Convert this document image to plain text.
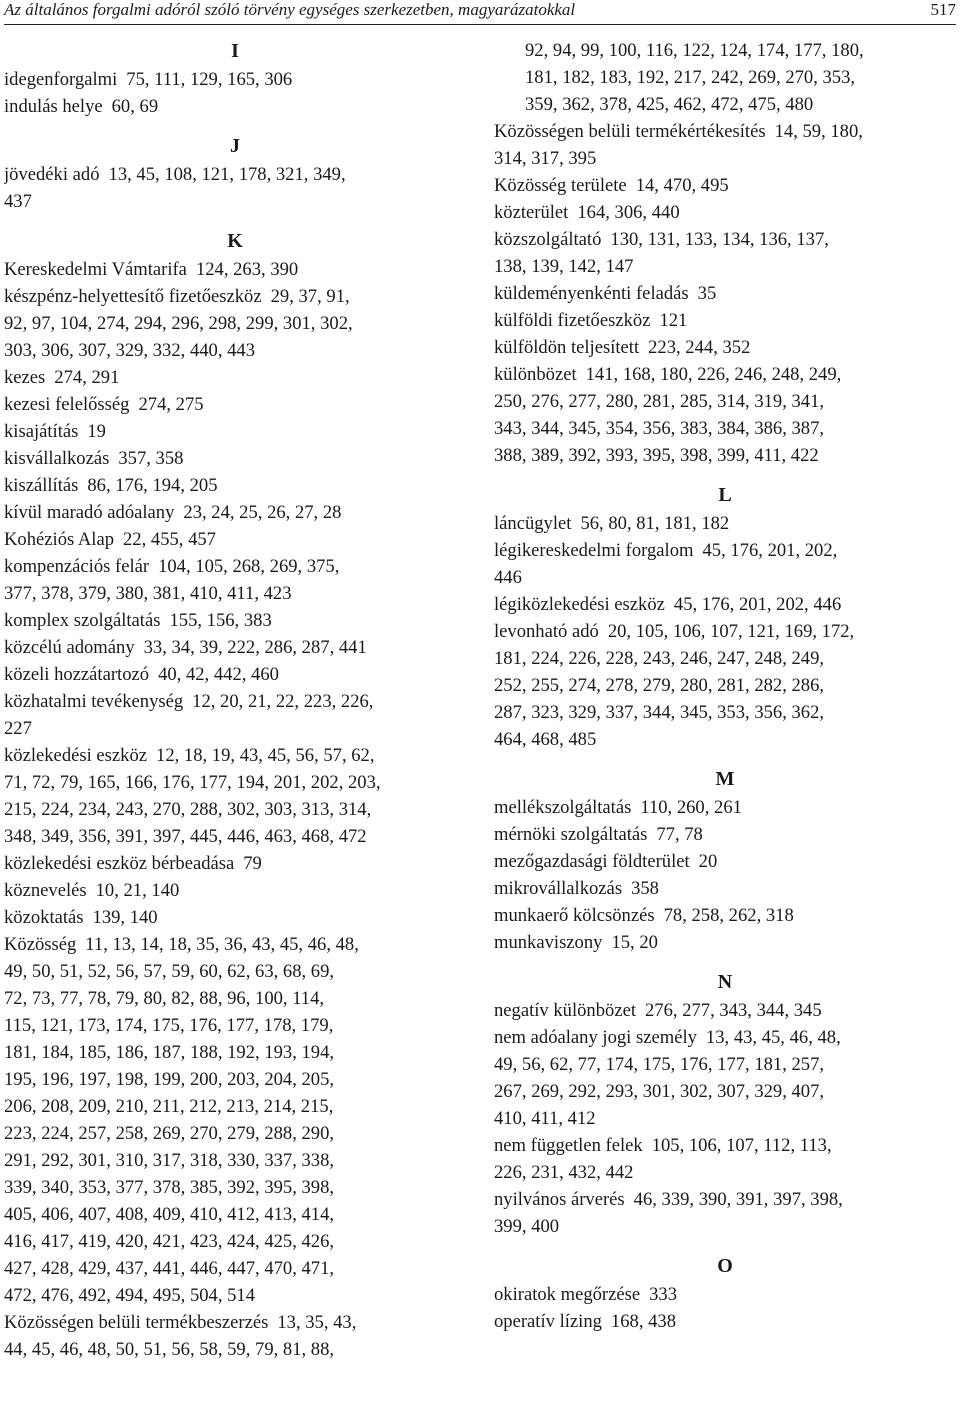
Az általános forgalmi adóról szóló törvény egységes szerkezetben, magyarázatokkal	517
I
idegenforgalmi 75, 111, 129, 165, 306
indulás helye 60, 69
J
jövedéki adó 13, 45, 108, 121, 178, 321, 349,
437
K
Kereskedelmi Vámtarifa 124, 263, 390
készpénz-helyettesítő fizetőeszköz 29, 37, 91,
92, 97, 104, 274, 294, 296, 298, 299, 301, 302,
303, 306, 307, 329, 332, 440, 443
kezes 274, 291
kezesi felelősség 274, 275
kisajátítás 19
kisvállalkozás 357, 358
kiszállítás 86, 176, 194, 205
kívül maradó adóalany 23, 24, 25, 26, 27, 28
Kohéziós Alap 22, 455, 457
kompenzációs felár 104, 105, 268, 269, 375,
377, 378, 379, 380, 381, 410, 411, 423
komplex szolgáltatás 155, 156, 383
közcélú adomány 33, 34, 39, 222, 286, 287, 441
közeli hozzátartozó 40, 42, 442, 460
közhatalmi tevékenység 12, 20, 21, 22, 223, 226,
227
közlekedési eszköz 12, 18, 19, 43, 45, 56, 57, 62,
71, 72, 79, 165, 166, 176, 177, 194, 201, 202, 203,
215, 224, 234, 243, 270, 288, 302, 303, 313, 314,
348, 349, 356, 391, 397, 445, 446, 463, 468, 472
közlekedési eszköz bérbeadása 79
köznevelés 10, 21, 140
közoktatás 139, 140
Közösség 11, 13, 14, 18, 35, 36, 43, 45, 46, 48,
49, 50, 51, 52, 56, 57, 59, 60, 62, 63, 68, 69,
72, 73, 77, 78, 79, 80, 82, 88, 96, 100, 114,
115, 121, 173, 174, 175, 176, 177, 178, 179,
181, 184, 185, 186, 187, 188, 192, 193, 194,
195, 196, 197, 198, 199, 200, 203, 204, 205,
206, 208, 209, 210, 211, 212, 213, 214, 215,
223, 224, 257, 258, 269, 270, 279, 288, 290,
291, 292, 301, 310, 317, 318, 330, 337, 338,
339, 340, 353, 377, 378, 385, 392, 395, 398,
405, 406, 407, 408, 409, 410, 412, 413, 414,
416, 417, 419, 420, 421, 423, 424, 425, 426,
427, 428, 429, 437, 441, 446, 447, 470, 471,
472, 476, 492, 494, 495, 504, 514
Közösségen belüli termékbeszerzés 13, 35, 43,
44, 45, 46, 48, 50, 51, 56, 58, 59, 79, 81, 88,
92, 94, 99, 100, 116, 122, 124, 174, 177, 180,
181, 182, 183, 192, 217, 242, 269, 270, 353,
359, 362, 378, 425, 462, 472, 475, 480
Közösségen belüli termékértékesítés 14, 59, 180,
314, 317, 395
Közösség területe 14, 470, 495
közterület 164, 306, 440
közszolgáltató 130, 131, 133, 134, 136, 137,
138, 139, 142, 147
küldeményenkénti feladás 35
külföldi fizetőeszköz 121
külföldön teljesített 223, 244, 352
különbözet 141, 168, 180, 226, 246, 248, 249,
250, 276, 277, 280, 281, 285, 314, 319, 341,
343, 344, 345, 354, 356, 383, 384, 386, 387,
388, 389, 392, 393, 395, 398, 399, 411, 422
L
láncügylet 56, 80, 81, 181, 182
légikereskedelmi forgalom 45, 176, 201, 202,
446
légiközlekedési eszköz 45, 176, 201, 202, 446
levonható adó 20, 105, 106, 107, 121, 169, 172,
181, 224, 226, 228, 243, 246, 247, 248, 249,
252, 255, 274, 278, 279, 280, 281, 282, 286,
287, 323, 329, 337, 344, 345, 353, 356, 362,
464, 468, 485
M
mellékszolgáltatás 110, 260, 261
mérnöki szolgáltatás 77, 78
mezőgazdasági földterület 20
mikrovállalkozás 358
munkaerő kölcsönzés 78, 258, 262, 318
munkaviszony 15, 20
N
negatív különbözet 276, 277, 343, 344, 345
nem adóalany jogi személy 13, 43, 45, 46, 48,
49, 56, 62, 77, 174, 175, 176, 177, 181, 257,
267, 269, 292, 293, 301, 302, 307, 329, 407,
410, 411, 412
nem független felek 105, 106, 107, 112, 113,
226, 231, 432, 442
nyilvános árverés 46, 339, 390, 391, 397, 398,
399, 400
O
okiratok megőrzése 333
operatív lízing 168, 438
